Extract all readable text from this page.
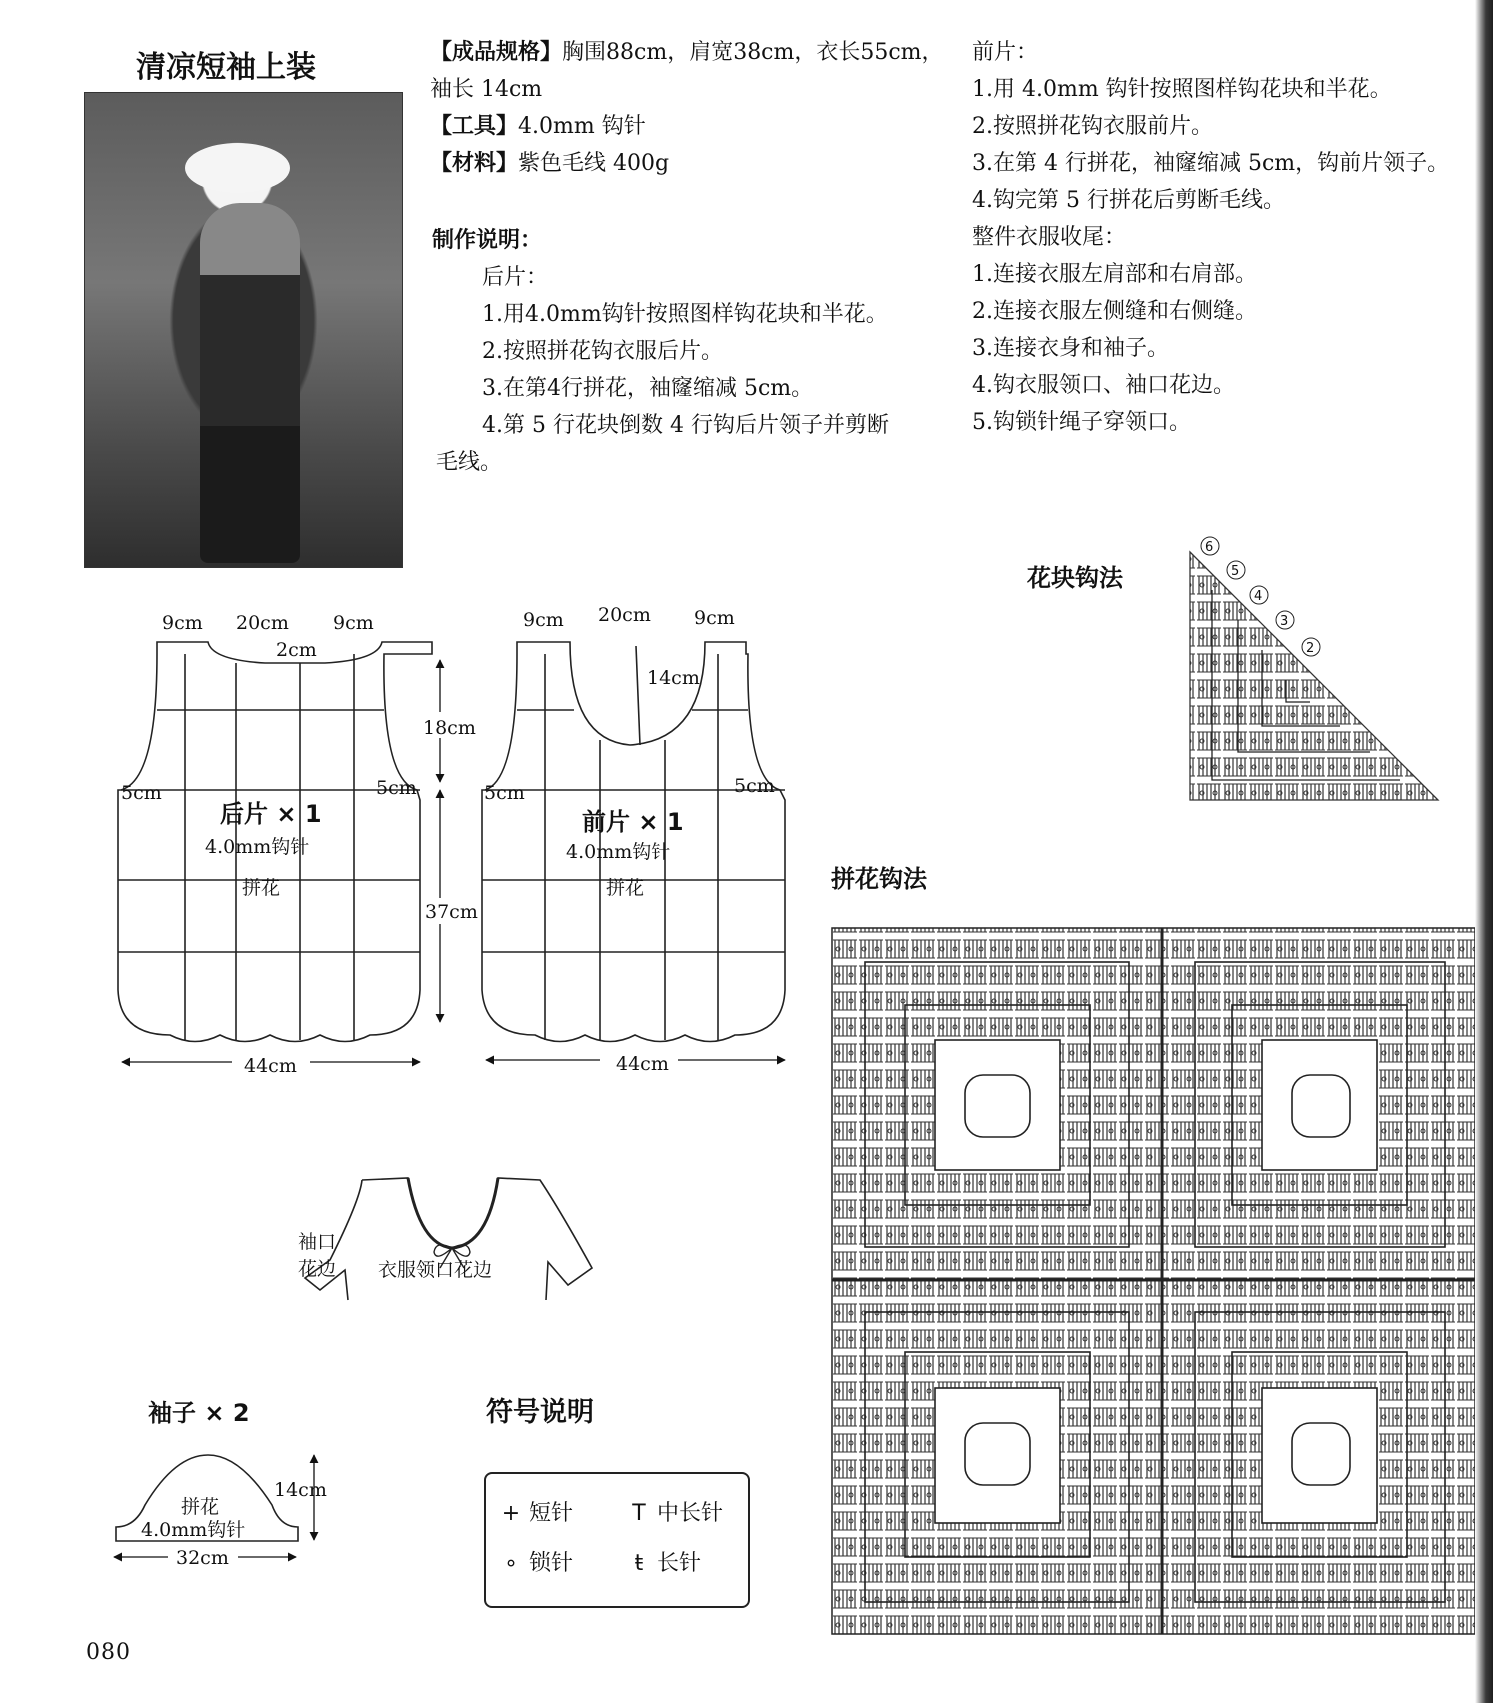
清凉短袖上装	【成品规格】胸围88cm，肩宽38cm，衣长55cm，
袖长 14cm
【工具】4.0mm 钩针
【材料】紫色毛线 400g
制作说明：
后片：
1.用4.0mm钩针按照图样钩花块和半花。
2.按照拼花钩衣服后片。
3.在第4行拼花，袖窿缩减 5cm。
4.第 5 行花块倒数 4 行钩后片领子并剪断
毛线。
前片：
1.用 4.0mm 钩针按照图样钩花块和半花。
2.按照拼花钩衣服前片。
3.在第 4 行拼花，袖窿缩减 5cm，钩前片领子。
4.钩完第 5 行拼花后剪断毛线。
整件衣服收尾：
1.连接衣服左肩部和右肩部。
2.连接衣服左侧缝和右侧缝。
3.连接衣身和袖子。
4.钩衣服领口、袖口花边。
5.钩锁针绳子穿领口。
9cm 20cm 9cm
2cm
5cm	5cm
后片 × 1
4.0mm钩针
拼花
44cm
18cm
37cm
9cm 20cm 9cm
14cm
5cm	5cm
前片 × 1
4.0mm钩针
拼花
44cm
袖口
花边 衣服领口花边
袖子 × 2
拼花
4.0mm钩针
14cm
32cm
花块钩法
6
5
4
3
2
拼花钩法
符号说明
+ 短针	T 中长针
∘ 锁针	ŧ 长针
080
